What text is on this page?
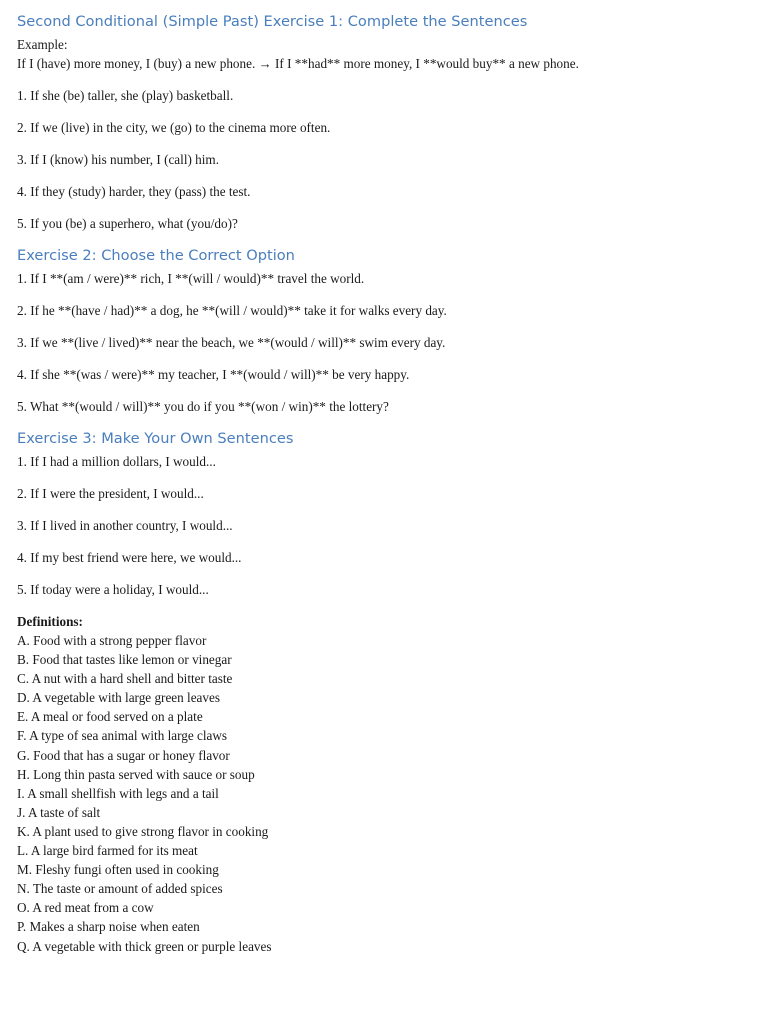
Second Conditional (Simple Past) Exercise 1: Complete the Sentences

Example:

If I (have) more money, I (buy) a new phone. → If I **had** more money, I **would buy** a new phone.

1. If she (be) taller, she (play) basketball.

2. If we (live) in the city, we (go) to the cinema more often.

3. If I (know) his number, I (call) him.

4. If they (study) harder, they (pass) the test.

5. If you (be) a superhero, what (you/do)?

Exercise 2: Choose the Correct Option

1. If I **(am / were)** rich, I **(will / would)** travel the world.

2. If he **(have / had)** a dog, he **(will / would)** take it for walks every day.

3. If we **(live / lived)** near the beach, we **(would / will)** swim every day.

4. If she **(was / were)** my teacher, I **(would / will)** be very happy.

5. What **(would / will)** you do if you **(won / win)** the lottery?

Exercise 3: Make Your Own Sentences

1. If I had a million dollars, I would...

2. If I were the president, I would...

3. If I lived in another country, I would...

4. If my best friend were here, we would...

5. If today were a holiday, I would...

Definitions:

A. Food with a strong pepper flavor

B. Food that tastes like lemon or vinegar

C. A nut with a hard shell and bitter taste

D. A vegetable with large green leaves

E. A meal or food served on a plate

F. A type of sea animal with large claws

G. Food that has a sugar or honey flavor

H. Long thin pasta served with sauce or soup

I. A small shellfish with legs and a tail

J. A taste of salt

K. A plant used to give strong flavor in cooking

L. A large bird farmed for its meat

M. Fleshy fungi often used in cooking

N. The taste or amount of added spices

O. A red meat from a cow

P. Makes a sharp noise when eaten

Q. A vegetable with thick green or purple leaves
